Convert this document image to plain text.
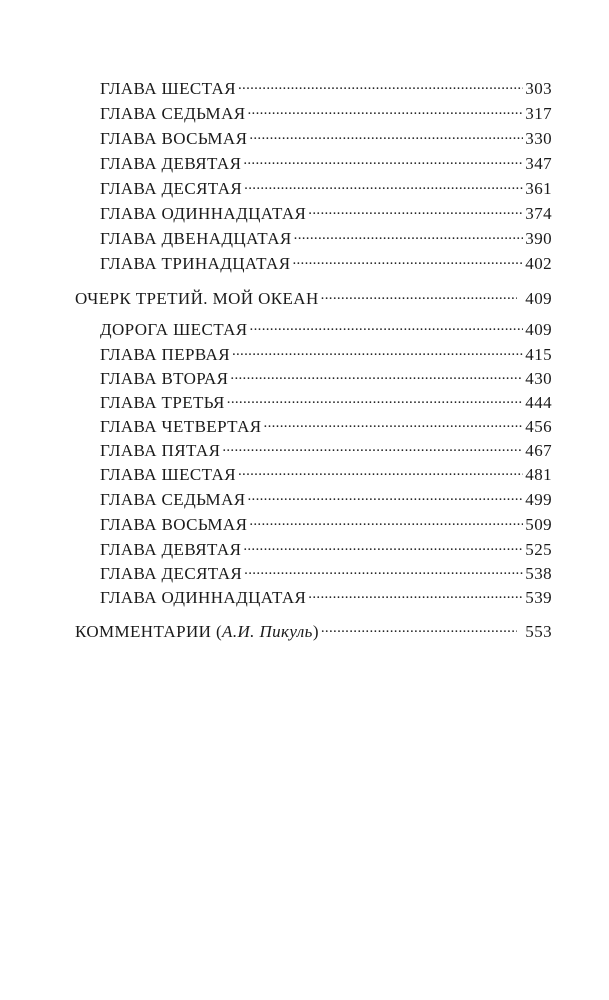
ГЛАВА ШЕСТАЯ .....	303
ГЛАВА СЕДЬМАЯ .....	317
ГЛАВА ВОСЬМАЯ .....	330
ГЛАВА ДЕВЯТАЯ .....	347
ГЛАВА ДЕСЯТАЯ .....	361
ГЛАВА ОДИННАДЦАТАЯ .....	374
ГЛАВА ДВЕНАДЦАТАЯ .....	390
ГЛАВА ТРИНАДЦАТАЯ .....	402
ОЧЕРК ТРЕТИЙ. МОЙ ОКЕАН .....	409
ДОРОГА ШЕСТАЯ .....	409
ГЛАВА ПЕРВАЯ .....	415
ГЛАВА ВТОРАЯ .....	430
ГЛАВА ТРЕТЬЯ .....	444
ГЛАВА ЧЕТВЕРТАЯ .....	456
ГЛАВА ПЯТАЯ .....	467
ГЛАВА ШЕСТАЯ .....	481
ГЛАВА СЕДЬМАЯ .....	499
ГЛАВА ВОСЬМАЯ .....	509
ГЛАВА ДЕВЯТАЯ .....	525
ГЛАВА ДЕСЯТАЯ .....	538
ГЛАВА ОДИННАДЦАТАЯ .....	539
КОММЕНТАРИИ (А.И. Пикуль) .....	553
